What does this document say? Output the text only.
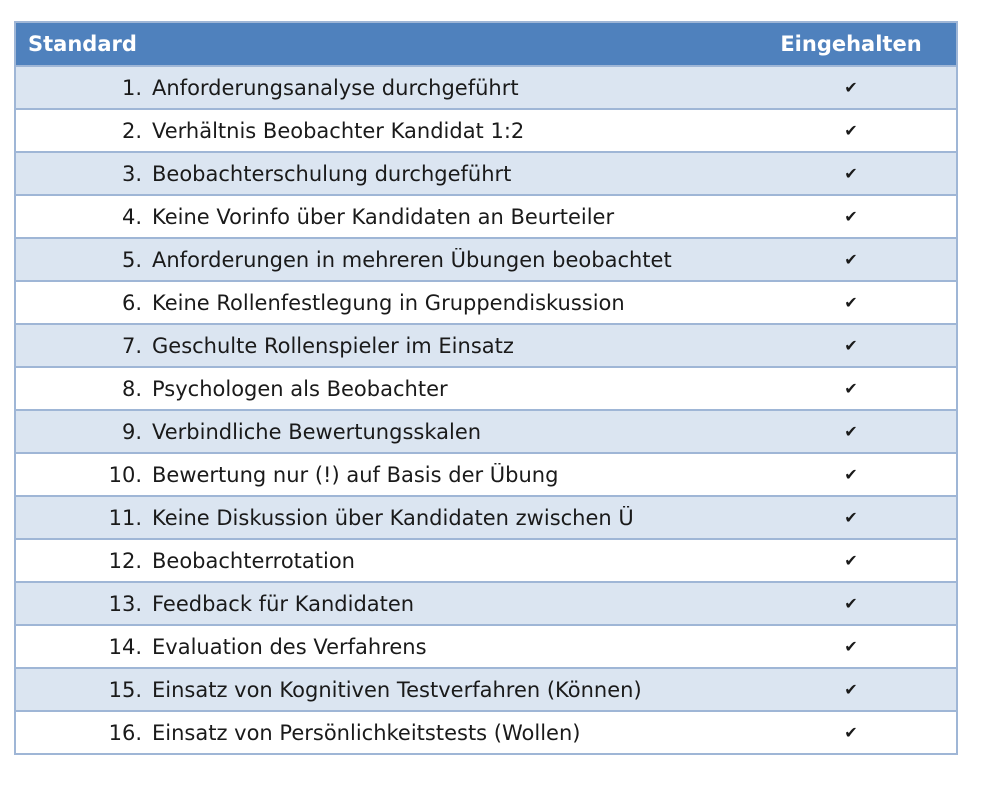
Standard	Eingehalten
1. Anforderungsanalyse durchgeführt	✔
2. Verhältnis Beobachter Kandidat 1:2	✔
3. Beobachterschulung durchgeführt	✔
4. Keine Vorinfo über Kandidaten an Beurteiler	✔
5. Anforderungen in mehreren Übungen beobachtet	✔
6. Keine Rollenfestlegung in Gruppendiskussion	✔
7. Geschulte Rollenspieler im Einsatz	✔
8. Psychologen als Beobachter	✔
9. Verbindliche Bewertungsskalen	✔
10. Bewertung nur (!) auf Basis der Übung	✔
11. Keine Diskussion über Kandidaten zwischen Ü	✔
12. Beobachterrotation	✔
13. Feedback für Kandidaten	✔
14. Evaluation des Verfahrens	✔
15. Einsatz von Kognitiven Testverfahren (Können)	✔
16. Einsatz von Persönlichkeitstests (Wollen)	✔
